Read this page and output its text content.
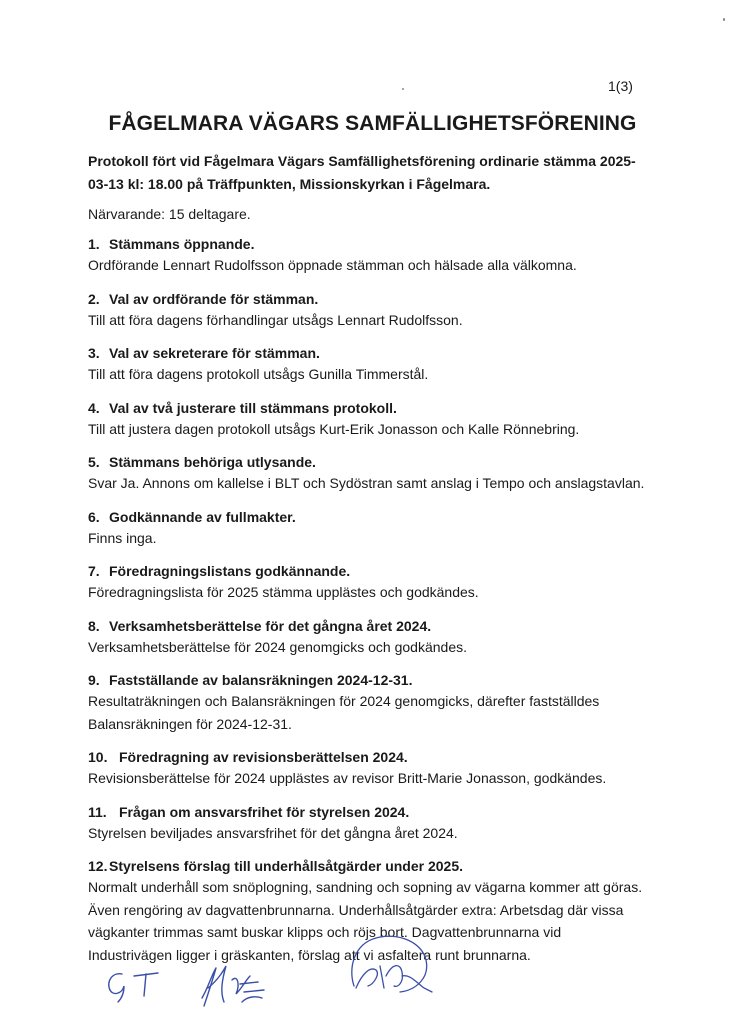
1(3)
FÅGELMARA VÄGARS SAMFÄLLIGHETSFÖRENING
Protokoll fört vid Fågelmara Vägars Samfällighetsförening ordinarie stämma 2025-03-13 kl: 18.00 på Träffpunkten, Missionskyrkan i Fågelmara.
Närvarande: 15 deltagare.
1. Stämmans öppnande.
Ordförande Lennart Rudolfsson öppnade stämman och hälsade alla välkomna.
2. Val av ordförande för stämman.
Till att föra dagens förhandlingar utsågs Lennart Rudolfsson.
3. Val av sekreterare för stämman.
Till att föra dagens protokoll utsågs Gunilla Timmerstål.
4. Val av två justerare till stämmans protokoll.
Till att justera dagen protokoll utsågs Kurt-Erik Jonasson och Kalle Rönnebring.
5. Stämmans behöriga utlysande.
Svar Ja. Annons om kallelse i BLT och Sydöstran samt anslag i Tempo och anslagstavlan.
6. Godkännande av fullmakter.
Finns inga.
7. Föredragningslistans godkännande.
Föredragningslista för 2025 stämma upplästes och godkändes.
8. Verksamhetsberättelse för det gångna året 2024.
Verksamhetsberättelse för 2024 genomgicks och godkändes.
9. Fastställande av balansräkningen 2024-12-31.
Resultaträkningen och Balansräkningen för 2024 genomgicks, därefter fastställdes Balansräkningen för 2024-12-31.
10. Föredragning av revisionsberättelsen 2024.
Revisionsberättelse för 2024 upplästes av revisor Britt-Marie Jonasson, godkändes.
11. Frågan om ansvarsfrihet för styrelsen 2024.
Styrelsen beviljades ansvarsfrihet för det gångna året 2024.
12. Styrelsens förslag till underhållsåtgärder under 2025.
Normalt underhåll som snöplogning, sandning och sopning av vägarna kommer att göras. Även rengöring av dagvattenbrunnarna. Underhållsåtgärder extra: Arbetsdag där vissa vägkanter trimmas samt buskar klipps och röjs bort. Dagvattenbrunnarna vid Industrivägen ligger i gräskanten, förslag att vi asfaltera runt brunnarna.
